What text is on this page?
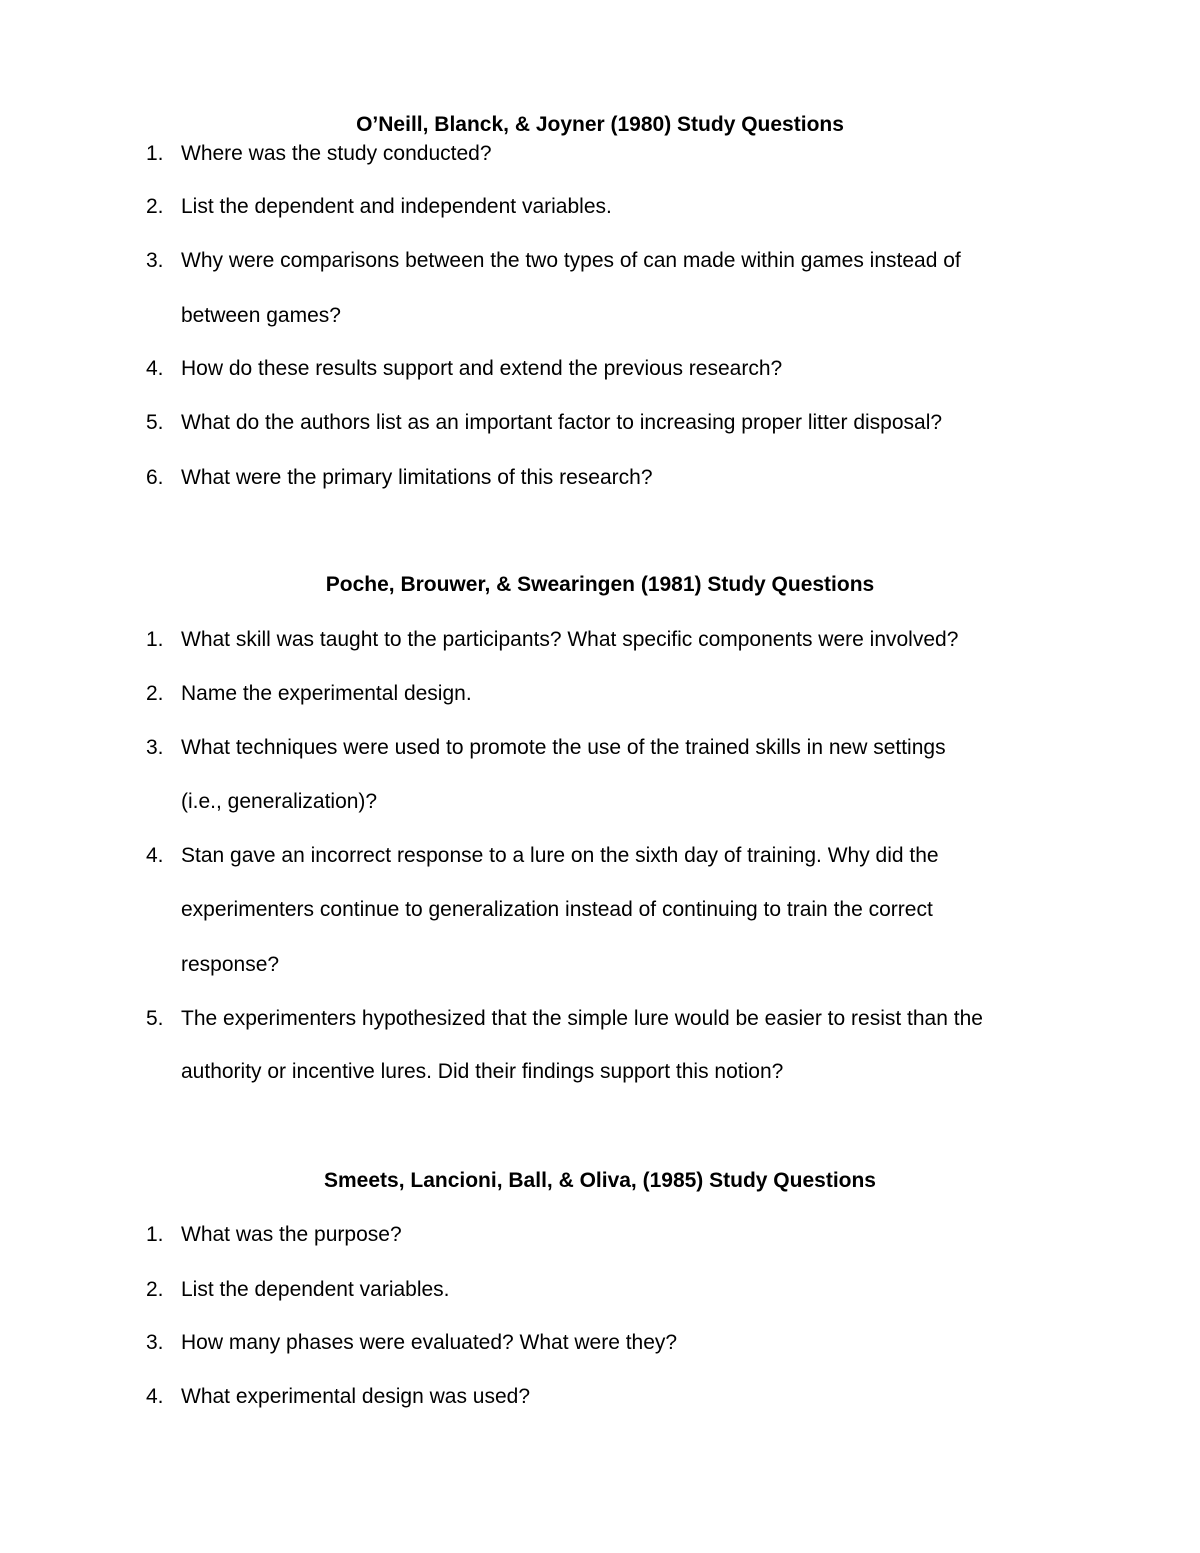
O’Neill, Blanck, & Joyner (1980) Study Questions
1. Where was the study conducted?
2. List the dependent and independent variables.
3. Why were comparisons between the two types of can made within games instead of
between games?
4. How do these results support and extend the previous research?
5. What do the authors list as an important factor to increasing proper litter disposal?
6. What were the primary limitations of this research?
Poche, Brouwer, & Swearingen (1981) Study Questions
1. What skill was taught to the participants? What specific components were involved?
2. Name the experimental design.
3. What techniques were used to promote the use of the trained skills in new settings
(i.e., generalization)?
4. Stan gave an incorrect response to a lure on the sixth day of training. Why did the
experimenters continue to generalization instead of continuing to train the correct
response?
5. The experimenters hypothesized that the simple lure would be easier to resist than the
authority or incentive lures. Did their findings support this notion?
Smeets, Lancioni, Ball, & Oliva, (1985) Study Questions
1. What was the purpose?
2. List the dependent variables.
3. How many phases were evaluated? What were they?
4. What experimental design was used?
